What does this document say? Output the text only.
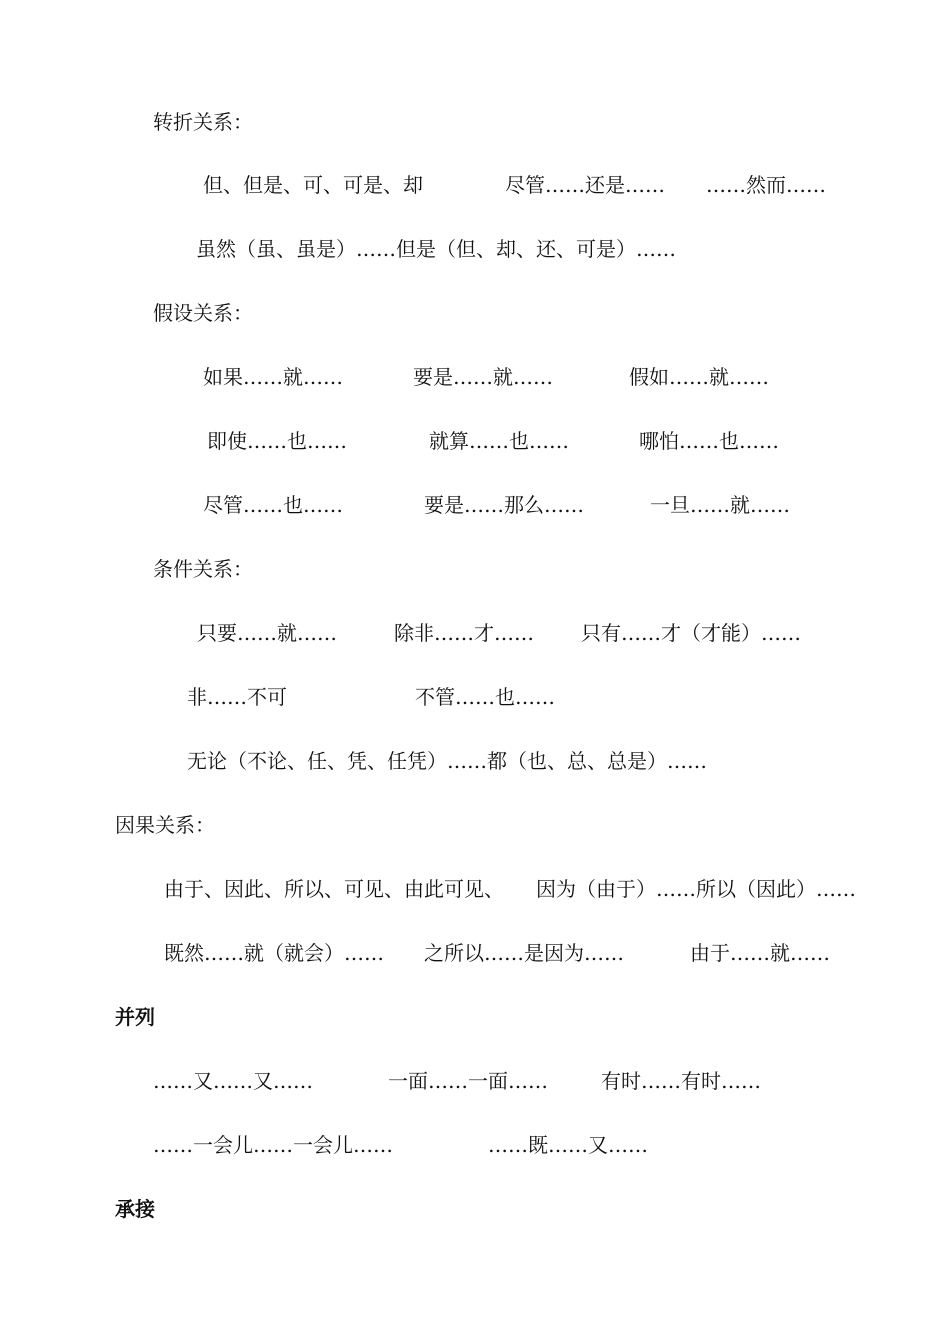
转折关系：
但、但是、可、可是、却	尽管……还是…… ……然而……
虽然（虽、虽是）……但是（但、却、还、可是）……
假设关系：
如果……就……	要是……就……	假如……就……
即使……也……	就算……也……	哪怕……也……
尽管……也……	要是……那么……	一旦……就……
条件关系：
只要……就……	除非……才…… 只有……才（才能）……
非……不可	不管……也……
无论（不论、任、凭、任凭）……都（也、总、总是）……
因果关系：
由于、因此、所以、可见、由此可见、 因为（由于）……所以（因此）……
既然……就（就会）…… 之所以……是因为……	由于……就……
并列
……又……又……	一面……一面……	有时……有时……
……一会儿……一会儿……	……既……又……
承接
